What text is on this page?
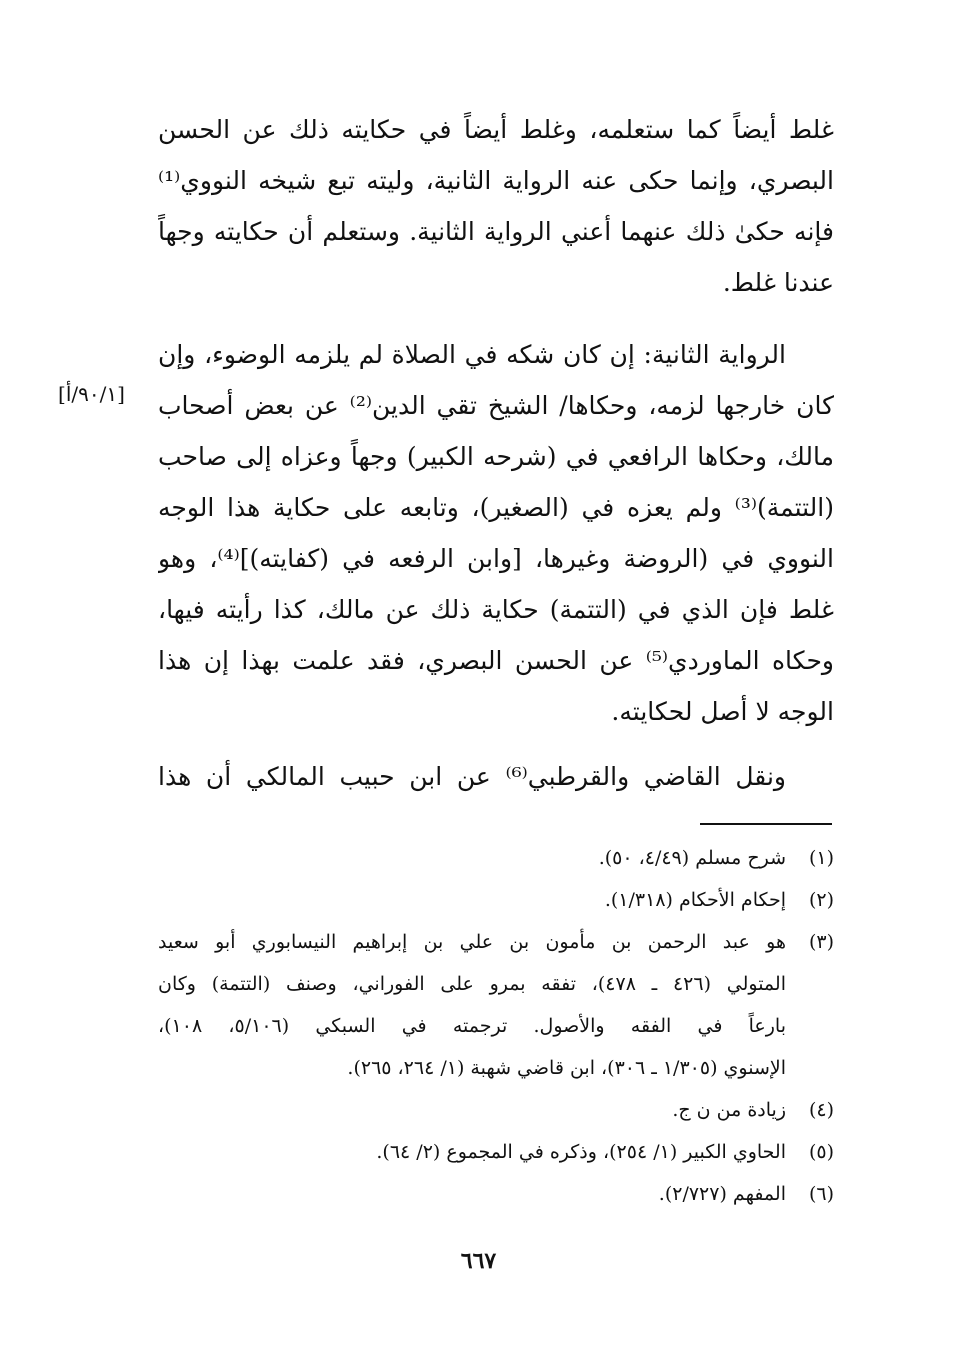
غلط أيضاً كما ستعلمه، وغلط أيضاً في حكايته ذلك عن الحسن
البصري، وإنما حكى عنه الرواية الثانية، وليته تبع شيخه النووي⁽¹⁾
فإنه حكىٰ ذلك عنهما أعني الرواية الثانية. وستعلم أن حكايته وجهاً
عندنا غلط.
الرواية الثانية: إن كان شكه في الصلاة لم يلزمه الوضوء، وإن
كان خارجها لزمه، وحكاها/ الشيخ تقي الدين⁽²⁾ عن بعض أصحاب
مالك، وحكاها الرافعي في (شرحه الكبير) وجهاً وعزاه إلى صاحب
(التتمة)⁽³⁾ ولم يعزه في (الصغير)، وتابعه على حكاية هذا الوجه
النووي في (الروضة وغيرها، [وابن الرفعه في (كفايته)]⁽⁴⁾، وهو
غلط فإن الذي في (التتمة) حكاية ذلك عن مالك، كذا رأيته فيها،
وحكاه الماوردي⁽⁵⁾ عن الحسن البصري، فقد علمت بهذا إن هذا
الوجه لا أصل لحكايته.
[٩٠/١/أ]
ونقل القاضي والقرطبي⁽⁶⁾ عن ابن حبيب المالكي أن هذا
(١)
شرح مسلم (٤/٤٩، ٥٠).
(٢)
إحكام الأحكام (١/٣١٨).
(٣)
هو عبد الرحمن بن مأمون بن علي بن إبراهيم النيسابوري أبو سعيد
المتولي (٤٢٦ ـ ٤٧٨)، تفقه بمرو على الفوراني، وصنف (التتمة) وكان
بارعاً في الفقه والأصول. ترجمته في السبكي (٥/١٠٦، ١٠٨)،
الإسنوي (١/٣٠٥ ـ ٣٠٦)، ابن قاضي شهبة (١/ ٢٦٤، ٢٦٥).
(٤)
زيادة من ن ج.
(٥)
الحاوي الكبير (١/ ٢٥٤)، وذكره في المجموع (٢/ ٦٤).
(٦)
المفهم (٢/٧٢٧).
٦٦٧
